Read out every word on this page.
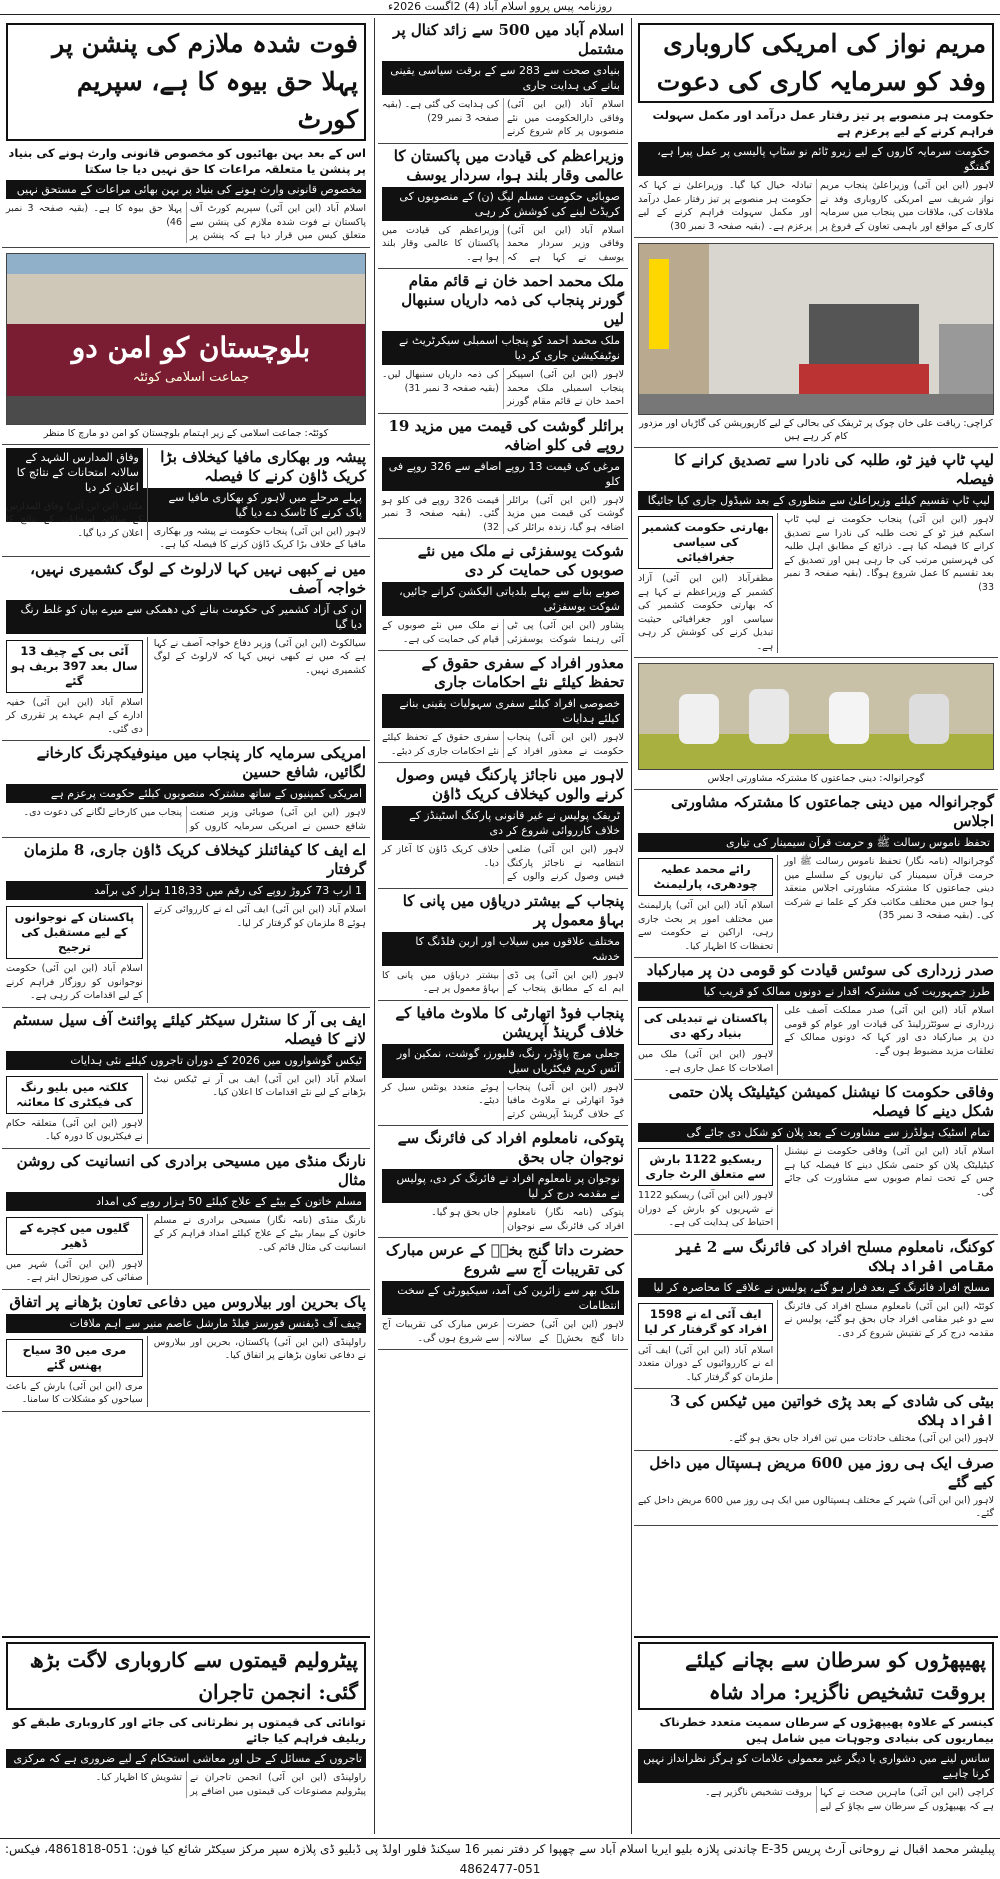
روزنامہ پیس پروو اسلام آباد (4) 2اگست 2026ء
مریم نواز کی امریکی کاروباری وفد کو سرمایہ کاری کی دعوت
حکومت ہر منصوبے پر تیز رفتار عمل درآمد اور مکمل سہولت فراہم کرنے کے لیے پرعزم ہے
حکومت سرمایہ کاروں کے لیے زیرو ٹائم نو سٹاپ پالیسی پر عمل پیرا ہے، گفتگو

لاہور (این این آئی) وزیراعلیٰ پنجاب مریم نواز شریف سے امریکی کاروباری وفد نے ملاقات کی، ملاقات میں پنجاب میں سرمایہ کاری کے مواقع اور باہمی تعاون کے فروغ پر تبادلہ خیال کیا گیا۔ وزیراعلیٰ نے کہا کہ حکومت ہر منصوبے پر تیز رفتار عمل درآمد اور مکمل سہولت فراہم کرنے کے لیے پرعزم ہے۔ (بقیہ صفحہ 3 نمبر 30)

کراچی: ریاقت علی خان چوک پر ٹریفک کی بحالی کے لیے کارپوریشن کی گاڑیاں اور مزدور کام کر رہے ہیں
لیپ ٹاپ فیز ٹو، طلبہ کی نادرا سے تصدیق کرانے کا فیصلہ
لیپ ٹاپ تقسیم کیلئے وزیراعلیٰ سے منظوری کے بعد شیڈول جاری کیا جائیگا

بھارتی حکومت کشمیر کی سیاسی جغرافیائی

مظفرآباد (این این آئی) آزاد کشمیر کے وزیراعظم نے کہا ہے کہ بھارتی حکومت کشمیر کی سیاسی اور جغرافیائی حیثیت تبدیل کرنے کی کوشش کر رہی ہے۔

لاہور (این این آئی) پنجاب حکومت نے لیپ ٹاپ اسکیم فیز ٹو کے تحت طلبہ کی نادرا سے تصدیق کرانے کا فیصلہ کیا ہے۔ ذرائع کے مطابق اہل طلبہ کی فہرستیں مرتب کی جا رہی ہیں اور تصدیق کے بعد تقسیم کا عمل شروع ہوگا۔ (بقیہ صفحہ 3 نمبر 33)

گوجرانوالہ: دینی جماعتوں کا مشترکہ مشاورتی اجلاس
گوجرانوالہ میں دینی جماعتوں کا مشترکہ مشاورتی اجلاس
تحفظ ناموس رسالت ﷺ و حرمت قرآن سیمینار کی تیاری

رائے محمد عطیہ چودھری، پارلیمنٹ

اسلام آباد (این این آئی) پارلیمنٹ میں مختلف امور پر بحث جاری رہی، اراکین نے حکومت سے تحفظات کا اظہار کیا۔

گوجرانوالہ (نامہ نگار) تحفظ ناموس رسالت ﷺ اور حرمت قرآن سیمینار کی تیاریوں کے سلسلے میں دینی جماعتوں کا مشترکہ مشاورتی اجلاس منعقد ہوا جس میں مختلف مکاتب فکر کے علما نے شرکت کی۔ (بقیہ صفحہ 3 نمبر 35)

صدر زرداری کی سوئس قیادت کو قومی دن پر مبارکباد
طرز جمہوریت کی مشترکہ اقدار نے دونوں ممالک کو قریب کیا

پاکستان نے تبدیلی کی بنیاد رکھ دی

لاہور (این این آئی) ملک میں اصلاحات کا عمل جاری ہے۔

اسلام آباد (این این آئی) صدر مملکت آصف علی زرداری نے سوئٹزرلینڈ کی قیادت اور عوام کو قومی دن پر مبارکباد دی اور کہا کہ دونوں ممالک کے تعلقات مزید مضبوط ہوں گے۔

وفاقی حکومت کا نیشنل کمیشن کیٹیلیٹک پلان حتمی شکل دینے کا فیصلہ
تمام اسٹیک ہولڈرز سے مشاورت کے بعد پلان کو شکل دی جائے گی

ریسکیو 1122 بارش سے متعلق الرٹ جاری

لاہور (این این آئی) ریسکیو 1122 نے شہریوں کو بارش کے دوران احتیاط کی ہدایت کی ہے۔

اسلام آباد (این این آئی) وفاقی حکومت نے نیشنل کیٹیلیٹک پلان کو حتمی شکل دینے کا فیصلہ کیا ہے جس کے تحت تمام صوبوں سے مشاورت کی جائے گی۔

کوکنگ، نامعلوم مسلح افراد کی فائرنگ سے 2 غیر مقامی افراد ہلاک
مسلح افراد فائرنگ کے بعد فرار ہو گئے، پولیس نے علاقے کا محاصرہ کر لیا

ایف آئی اے نے 1598 افراد کو گرفتار کر لیا

اسلام آباد (این این آئی) ایف آئی اے نے کارروائیوں کے دوران متعدد ملزمان کو گرفتار کیا۔

کوئٹہ (این این آئی) نامعلوم مسلح افراد کی فائرنگ سے دو غیر مقامی افراد جاں بحق ہو گئے، پولیس نے مقدمہ درج کر کے تفتیش شروع کر دی۔

بیٹی کی شادی کے بعد پڑی خواتین میں ٹیکس کی 3 افراد ہلاک

لاہور (این این آئی) مختلف حادثات میں تین افراد جاں بحق ہو گئے۔

صرف ایک ہی روز میں 600 مریض ہسپتال میں داخل کیے گئے

لاہور (این این آئی) شہر کے مختلف ہسپتالوں میں ایک ہی روز میں 600 مریض داخل کیے گئے۔

اسلام آباد میں 500 سے زائد کنال پر مشتمل
بنیادی صحت سے 283 سے کے برقت سیاسی یقینی بنانے کی ہدایت جاری

اسلام آباد (این این آئی) وفاقی دارالحکومت میں نئے منصوبوں پر کام شروع کرنے کی ہدایت کی گئی ہے۔ (بقیہ صفحہ 3 نمبر 29)

وزیراعظم کی قیادت میں پاکستان کا عالمی وقار بلند ہوا، سردار یوسف
صوبائی حکومت مسلم لیگ (ن) کے منصوبوں کی کریڈٹ لینے کی کوشش کر رہی

اسلام آباد (این این آئی) وفاقی وزیر سردار محمد یوسف نے کہا ہے کہ وزیراعظم کی قیادت میں پاکستان کا عالمی وقار بلند ہوا ہے۔

ملک محمد احمد خان نے قائم مقام گورنر پنجاب کی ذمہ داریاں سنبھال لیں
ملک محمد احمد کو پنجاب اسمبلی سیکرٹریٹ نے نوٹیفکیشن جاری کر دیا

لاہور (این این آئی) اسپیکر پنجاب اسمبلی ملک محمد احمد خان نے قائم مقام گورنر کی ذمہ داریاں سنبھال لیں۔ (بقیہ صفحہ 3 نمبر 31)

برائلر گوشت کی قیمت میں مزید 19 روپے فی کلو اضافہ
مرغی کی قیمت 13 روپے اضافے سے 326 روپے فی کلو

لاہور (این این آئی) برائلر گوشت کی قیمت میں مزید اضافہ ہو گیا، زندہ برائلر کی قیمت 326 روپے فی کلو ہو گئی۔ (بقیہ صفحہ 3 نمبر 32)

شوکت یوسفزئی نے ملک میں نئے صوبوں کی حمایت کر دی
صوبے بنانے سے پہلے بلدیاتی الیکشن کرانے جائیں، شوکت یوسفزئی

پشاور (این این آئی) پی ٹی آئی رہنما شوکت یوسفزئی نے ملک میں نئے صوبوں کے قیام کی حمایت کی ہے۔

معذور افراد کے سفری حقوق کے تحفظ کیلئے نئے احکامات جاری
خصوصی افراد کیلئے سفری سہولیات یقینی بنانے کیلئے ہدایات

لاہور (این این آئی) پنجاب حکومت نے معذور افراد کے سفری حقوق کے تحفظ کیلئے نئے احکامات جاری کر دیئے۔

لاہور میں ناجائز پارکنگ فیس وصول کرنے والوں کیخلاف کریک ڈاؤن
ٹریفک پولیس نے غیر قانونی پارکنگ اسٹینڈز کے خلاف کارروائی شروع کر دی

لاہور (این این آئی) ضلعی انتظامیہ نے ناجائز پارکنگ فیس وصول کرنے والوں کے خلاف کریک ڈاؤن کا آغاز کر دیا۔

پنجاب کے بیشتر دریاؤں میں پانی کا بہاؤ معمول پر
مختلف علاقوں میں سیلاب اور اربن فلڈنگ کا خدشہ

لاہور (این این آئی) پی ڈی ایم اے کے مطابق پنجاب کے بیشتر دریاؤں میں پانی کا بہاؤ معمول پر ہے۔

پنجاب فوڈ اتھارٹی کا ملاوٹ مافیا کے خلاف گرینڈ آپریشن
جعلی مرچ پاؤڈر، رنگ، فلیورز، گوشت، نمکین اور آئس کریم فیکٹریاں سیل

لاہور (این این آئی) پنجاب فوڈ اتھارٹی نے ملاوٹ مافیا کے خلاف گرینڈ آپریشن کرتے ہوئے متعدد یونٹس سیل کر دیئے۔

پتوکی، نامعلوم افراد کی فائرنگ سے نوجوان جاں بحق
نوجوان پر نامعلوم افراد نے فائرنگ کر دی، پولیس نے مقدمہ درج کر لیا

پتوکی (نامہ نگار) نامعلوم افراد کی فائرنگ سے نوجوان جاں بحق ہو گیا۔

حضرت داتا گنج بخشؒ کے عرس مبارک کی تقریبات آج سے شروع
ملک بھر سے زائرین کی آمد، سیکیورٹی کے سخت انتظامات

لاہور (این این آئی) حضرت داتا گنج بخشؒ کے سالانہ عرس مبارک کی تقریبات آج سے شروع ہوں گی۔

فوت شدہ ملازم کی پنشن پر پہلا حق بیوہ کا ہے، سپریم کورٹ
اس کے بعد بہن بھائیوں کو مخصوص قانونی وارث ہونے کی بنیاد پر پنشن یا متعلقہ مراعات کا حق نہیں دیا جا سکتا
مخصوص قانونی وارث ہونے کی بنیاد پر بہن بھائی مراعات کے مستحق نہیں

اسلام آباد (این این آئی) سپریم کورٹ آف پاکستان نے فوت شدہ ملازم کی پنشن سے متعلق کیس میں قرار دیا ہے کہ پنشن پر پہلا حق بیوہ کا ہے۔ (بقیہ صفحہ 3 نمبر 46)

بلوچستان کو امن دو
جماعت اسلامی کوئٹہ
کوئٹہ: جماعت اسلامی کے زیر اہتمام بلوچستان کو امن دو مارچ کا منظر
وفاق المدارس الشہد کے سالانہ امتحانات کے نتائج کا اعلان کر دیا

ملتان (این این آئی) وفاق المدارس کے سالانہ امتحانات کے نتائج کا اعلان کر دیا گیا۔

پیشہ ور بھکاری مافیا کیخلاف بڑا کریک ڈاؤن کرنے کا فیصلہ
پہلے مرحلے میں لاہور کو بھکاری مافیا سے پاک کرنے کا ٹاسک دے دیا گیا

لاہور (این این آئی) پنجاب حکومت نے پیشہ ور بھکاری مافیا کے خلاف بڑا کریک ڈاؤن کرنے کا فیصلہ کیا ہے۔

میں نے کبھی نہیں کہا لارلوٹ کے لوگ کشمیری نہیں، خواجہ آصف
ان کی آزاد کشمیر کی حکومت بنانے کی دھمکی سے میرے بیان کو غلط رنگ دیا گیا

آئی بی کے چیف 13 سال بعد 397 بریف ہو گئے

اسلام آباد (این این آئی) خفیہ ادارے کے اہم عہدے پر تقرری کر دی گئی۔

سیالکوٹ (این این آئی) وزیر دفاع خواجہ آصف نے کہا ہے کہ میں نے کبھی نہیں کہا کہ لارلوٹ کے لوگ کشمیری نہیں۔

امریکی سرمایہ کار پنجاب میں مینوفیکچرنگ کارخانے لگائیں، شافع حسین
امریکی کمپنیوں کے ساتھ مشترکہ منصوبوں کیلئے حکومت پرعزم ہے

لاہور (این این آئی) صوبائی وزیر صنعت شافع حسین نے امریکی سرمایہ کاروں کو پنجاب میں کارخانے لگانے کی دعوت دی۔

اے ایف کا کیفائنلز کیخلاف کریک ڈاؤن جاری، 8 ملزمان گرفتار
1 ارب 73 کروڑ روپے کی رقم میں 118,33 ہزار کی برآمد

پاکستان کے نوجوانوں کے لیے مستقبل کی ترجیح

اسلام آباد (این این آئی) حکومت نوجوانوں کو روزگار فراہم کرنے کے لیے اقدامات کر رہی ہے۔

اسلام آباد (این این آئی) ایف آئی اے نے کارروائی کرتے ہوئے 8 ملزمان کو گرفتار کر لیا۔

ایف بی آر کا سنٹرل سیکٹر کیلئے پوائنٹ آف سیل سسٹم لانے کا فیصلہ
ٹیکس گوشواروں میں 2026 کے دوران تاجروں کیلئے نئی ہدایات

کلکتہ میں بلیو رنگ کی فیکٹری کا معائنہ

لاہور (این این آئی) متعلقہ حکام نے فیکٹریوں کا دورہ کیا۔

اسلام آباد (این این آئی) ایف بی آر نے ٹیکس نیٹ بڑھانے کے لیے نئے اقدامات کا اعلان کیا۔

نارنگ منڈی میں مسیحی برادری کی انسانیت کی روشن مثال
مسلم خاتون کے بیٹے کے علاج کیلئے 50 ہزار روپے کی امداد

گلیوں میں کچرے کے ڈھیر

لاہور (این این آئی) شہر میں صفائی کی صورتحال ابتر ہے۔

نارنگ منڈی (نامہ نگار) مسیحی برادری نے مسلم خاتون کے بیمار بیٹے کے علاج کیلئے امداد فراہم کر کے انسانیت کی مثال قائم کی۔

پاک بحرین اور بیلاروس میں دفاعی تعاون بڑھانے پر اتفاق
چیف آف ڈیفنس فورسز فیلڈ مارشل عاصم منیر سے اہم ملاقات

مری میں 30 سیاح پھنس گئے

مری (این این آئی) بارش کے باعث سیاحوں کو مشکلات کا سامنا۔

راولپنڈی (این این آئی) پاکستان، بحرین اور بیلاروس نے دفاعی تعاون بڑھانے پر اتفاق کیا۔

پھیپھڑوں کو سرطان سے بچانے کیلئے بروقت تشخیص ناگزیر: مراد شاہ
کینسر کے علاوہ پھیپھڑوں کے سرطان سمیت متعدد خطرناک بیماریوں کی بنیادی وجوہات میں شامل ہیں
سانس لینے میں دشواری یا دیگر غیر معمولی علامات کو ہرگز نظرانداز نہیں کرنا چاہیے

کراچی (این این آئی) ماہرین صحت نے کہا ہے کہ پھیپھڑوں کے سرطان سے بچاؤ کے لیے بروقت تشخیص ناگزیر ہے۔

پیٹرولیم قیمتوں سے کاروباری لاگت بڑھ گئی: انجمن تاجران
توانائی کی قیمتوں پر نظرثانی کی جائے اور کاروباری طبقے کو ریلیف فراہم کیا جائے
تاجروں کے مسائل کے حل اور معاشی استحکام کے لیے ضروری ہے کہ مرکزی

راولپنڈی (این این آئی) انجمن تاجران نے پیٹرولیم مصنوعات کی قیمتوں میں اضافے پر تشویش کا اظہار کیا۔

پبلیشر محمد اقبال نے روحانی آرٹ پریس E-35 چاندنی پلازہ بلیو ایریا اسلام آباد سے چھپوا کر دفتر نمبر 16 سیکنڈ فلور اولڈ پی ڈبلیو ڈی پلازہ سپر مرکز سیکٹر شائع کیا فون: 051-4861818، فیکس: 051-4862477
